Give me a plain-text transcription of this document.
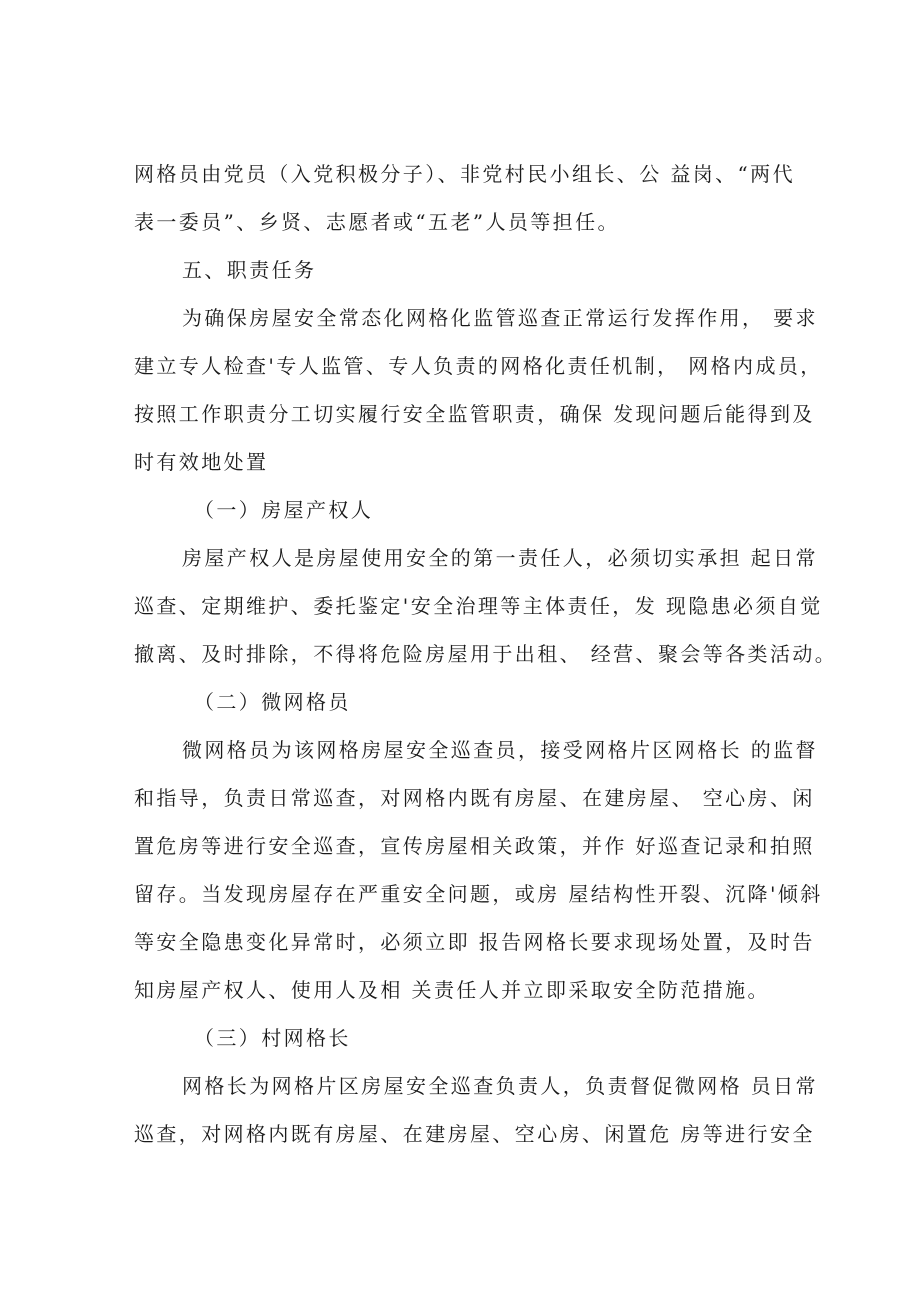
网格员由党员（入党积极分子）、非党村民小组长、公 益岗、“两代
表一委员”、乡贤、志愿者或“五老”人员等担任。
五、职责任务
为确保房屋安全常态化网格化监管巡查正常运行发挥作用， 要求
建立专人检查'专人监管、专人负责的网格化责任机制， 网格内成员，
按照工作职责分工切实履行安全监管职责，确保 发现问题后能得到及
时有效地处置
（一）房屋产权人
房屋产权人是房屋使用安全的第一责任人，必须切实承担 起日常
巡查、定期维护、委托鉴定'安全治理等主体责任，发 现隐患必须自觉
撤离、及时排除，不得将危险房屋用于出租、 经营、聚会等各类活动。
（二）微网格员
微网格员为该网格房屋安全巡查员，接受网格片区网格长 的监督
和指导，负责日常巡查，对网格内既有房屋、在建房屋、 空心房、闲
置危房等进行安全巡查，宣传房屋相关政策，并作 好巡查记录和拍照
留存。当发现房屋存在严重安全问题，或房 屋结构性开裂、沉降'倾斜
等安全隐患变化异常时，必须立即 报告网格长要求现场处置，及时告
知房屋产权人、使用人及相 关责任人并立即采取安全防范措施。
（三）村网格长
网格长为网格片区房屋安全巡查负责人，负责督促微网格 员日常
巡查，对网格内既有房屋、在建房屋、空心房、闲置危 房等进行安全
